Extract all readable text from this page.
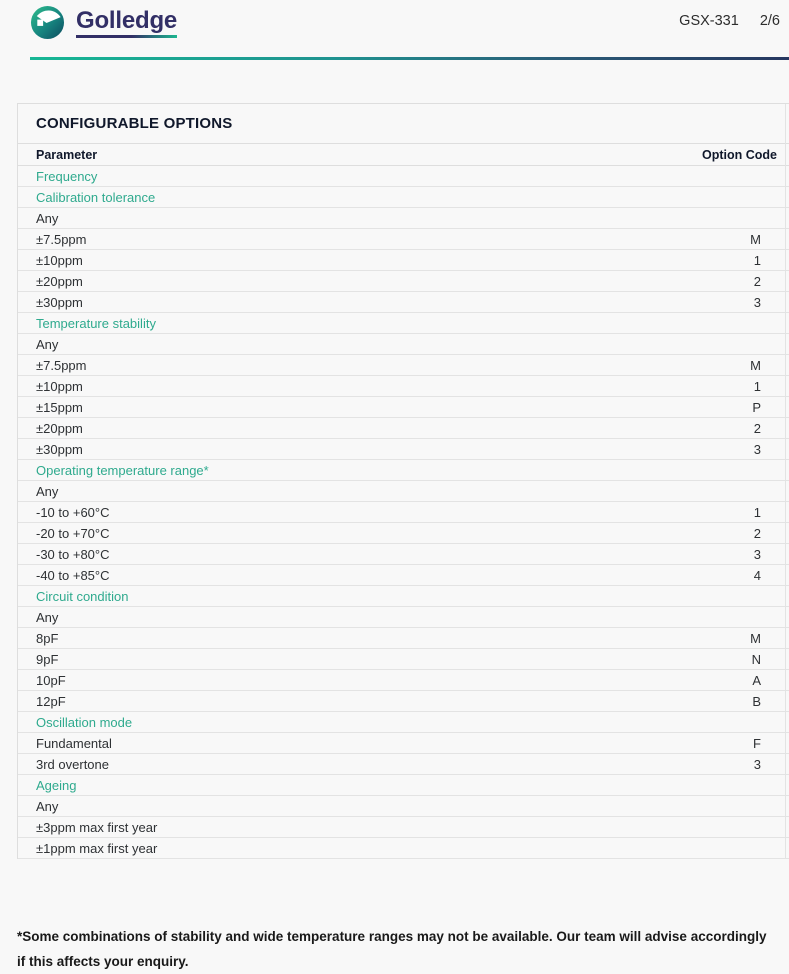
Golledge	GSX-331 2/6
CONFIGURABLE OPTIONS
Parameter	Option Code
Frequency
Calibration tolerance
Any
±7.5ppm	M
±10ppm	1
±20ppm	2
±30ppm	3
Temperature stability
Any
±7.5ppm	M
±10ppm	1
±15ppm	P
±20ppm	2
±30ppm	3
Operating temperature range*
Any
-10 to +60°C	1
-20 to +70°C	2
-30 to +80°C	3
-40 to +85°C	4
Circuit condition
Any
8pF	M
9pF	N
10pF	A
12pF	B
Oscillation mode
Fundamental	F
3rd overtone	3
Ageing
Any
±3ppm max first year
±1ppm max first year
*Some combinations of stability and wide temperature ranges may not be available. Our team will advise accordingly if this affects your enquiry.
